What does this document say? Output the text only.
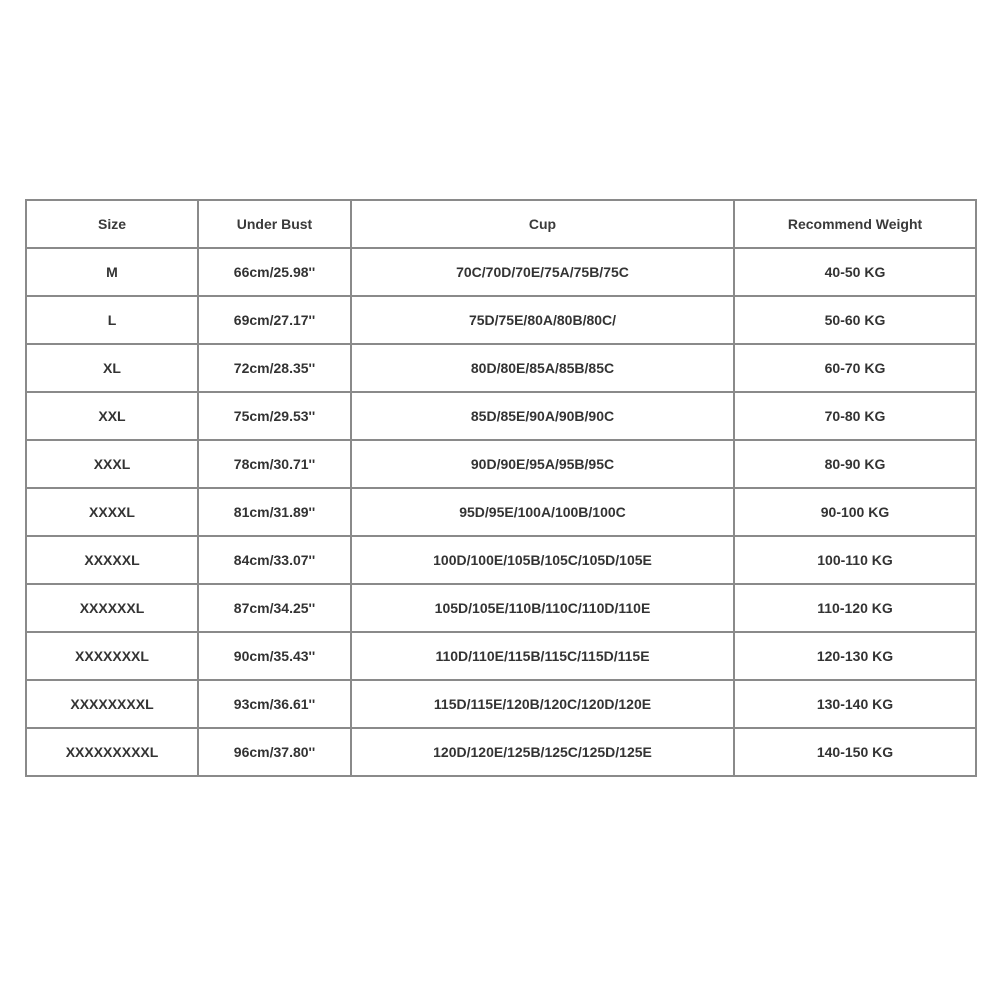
Size	Under Bust	Cup	Recommend Weight
M	66cm/25.98''	70C/70D/70E/75A/75B/75C	40-50 KG
L	69cm/27.17''	75D/75E/80A/80B/80C/	50-60 KG
XL	72cm/28.35''	80D/80E/85A/85B/85C	60-70 KG
XXL	75cm/29.53''	85D/85E/90A/90B/90C	70-80 KG
XXXL	78cm/30.71''	90D/90E/95A/95B/95C	80-90 KG
XXXXL	81cm/31.89''	95D/95E/100A/100B/100C	90-100 KG
XXXXXL	84cm/33.07''	100D/100E/105B/105C/105D/105E	100-110 KG
XXXXXXL	87cm/34.25''	105D/105E/110B/110C/110D/110E	110-120 KG
XXXXXXXL	90cm/35.43''	110D/110E/115B/115C/115D/115E	120-130 KG
XXXXXXXXL	93cm/36.61''	115D/115E/120B/120C/120D/120E	130-140 KG
XXXXXXXXXL	96cm/37.80''	120D/120E/125B/125C/125D/125E	140-150 KG
